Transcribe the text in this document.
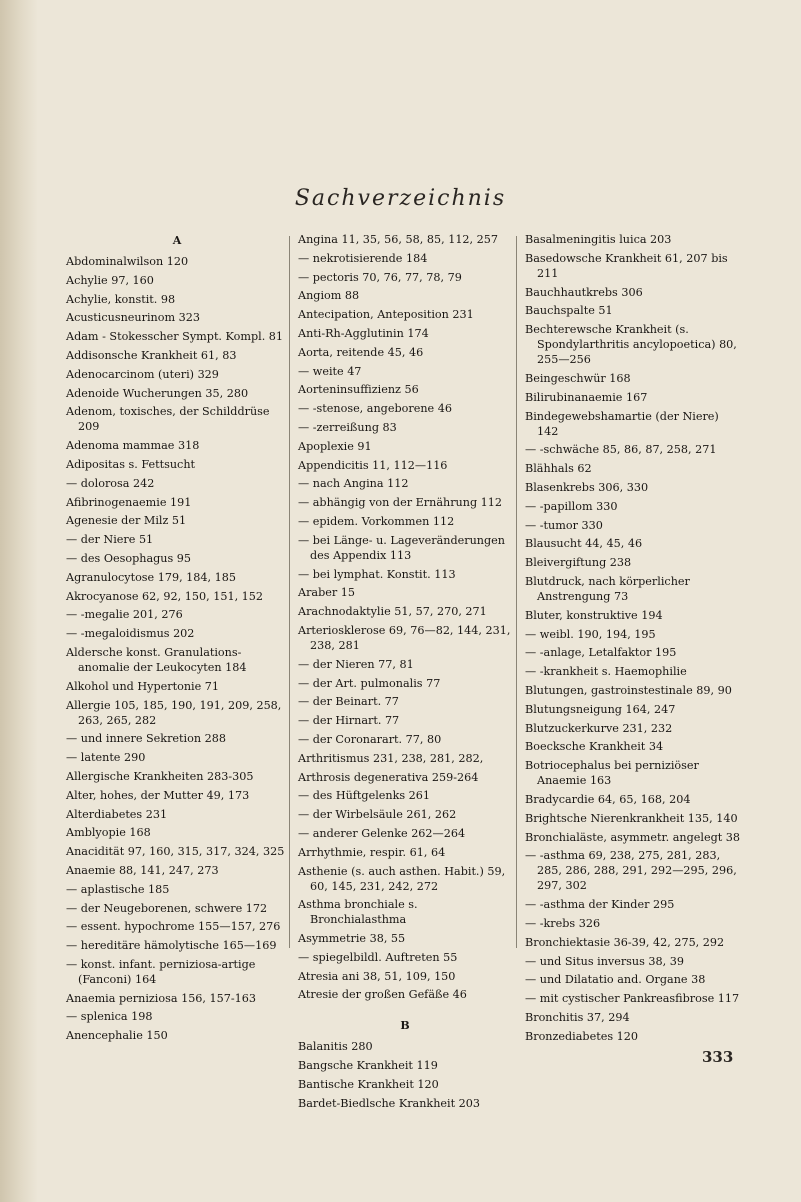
Sachverzeichnis
A
Abdominalwilson 120
Achylie 97, 160
Achylie, konstit. 98
Acusticusneurinom 323
Adam - Stokesscher Sympt. Kompl. 81
Addisonsche Krankheit 61, 83
Adenocarcinom (uteri) 329
Adenoide Wucherungen 35, 280
Adenom, toxisches, der Schilddrüse 209
Adenoma mammae 318
Adipositas s. Fettsucht
— dolorosa 242
Afibrinogenaemie 191
Agenesie der Milz 51
— der Niere 51
— des Oesophagus 95
Agranulocytose 179, 184, 185
Akrocyanose 62, 92, 150, 151, 152
— -megalie 201, 276
— -megaloidismus 202
Aldersche konst. Granulations-anomalie der Leukocyten 184
Alkohol und Hypertonie 71
Allergie 105, 185, 190, 191, 209, 258, 263, 265, 282
— und innere Sekretion 288
— latente 290
Allergische Krankheiten 283-305
Alter, hohes, der Mutter 49, 173
Alterdiabetes 231
Amblyopie 168
Anacidität 97, 160, 315, 317, 324, 325
Anaemie 88, 141, 247, 273
— aplastische 185
— der Neugeborenen, schwere 172
— essent. hypochrome 155—157, 276
— hereditäre hämolytische 165—169
— konst. infant. perniziosa-artige (Fanconi) 164
Anaemia perniziosa 156, 157-163
— splenica 198
Anencephalie 150
Angina 11, 35, 56, 58, 85, 112, 257
— nekrotisierende 184
— pectoris 70, 76, 77, 78, 79
Angiom 88
Antecipation, Anteposition 231
Anti-Rh-Agglutinin 174
Aorta, reitende 45, 46
— weite 47
Aorteninsuffizienz 56
— -stenose, angeborene 46
— -zerreißung 83
Apoplexie 91
Appendicitis 11, 112—116
— nach Angina 112
— abhängig von der Ernährung 112
— epidem. Vorkommen 112
— bei Länge- u. Lageveränderungen des Appendix 113
— bei lymphat. Konstit. 113
Araber 15
Arachnodaktylie 51, 57, 270, 271
Arteriosklerose 69, 76—82, 144, 231, 238, 281
— der Nieren 77, 81
— der Art. pulmonalis 77
— der Beinart. 77
— der Hirnart. 77
— der Coronarart. 77, 80
Arthritismus 231, 238, 281, 282,
Arthrosis degenerativa 259-264
— des Hüftgelenks 261
— der Wirbelsäule 261, 262
— anderer Gelenke 262—264
Arrhythmie, respir. 61, 64
Asthenie (s. auch asthen. Habit.) 59, 60, 145, 231, 242, 272
Asthma bronchiale s. Bronchialasthma
Asymmetrie 38, 55
— spiegelbildl. Auftreten 55
Atresia ani 38, 51, 109, 150
Atresie der großen Gefäße 46
B
Balanitis 280
Bangsche Krankheit 119
Bantische Krankheit 120
Bardet-Biedlsche Krankheit 203
Basalmeningitis luica 203
Basedowsche Krankheit 61, 207 bis 211
Bauchhautkrebs 306
Bauchspalte 51
Bechterewsche Krankheit (s. Spondylarthritis ancylopoetica) 80, 255—256
Beingeschwür 168
Bilirubinanaemie 167
Bindegewebshamartie (der Niere) 142
— -schwäche 85, 86, 87, 258, 271
Blähhals 62
Blasenkrebs 306, 330
— -papillom 330
— -tumor 330
Blausucht 44, 45, 46
Bleivergiftung 238
Blutdruck, nach körperlicher Anstrengung 73
Bluter, konstruktive 194
— weibl. 190, 194, 195
— -anlage, Letalfaktor 195
— -krankheit s. Haemophilie
Blutungen, gastroinstestinale 89, 90
Blutungsneigung 164, 247
Blutzuckerkurve 231, 232
Boecksche Krankheit 34
Botriocephalus bei perniziöser Anaemie 163
Bradycardie 64, 65, 168, 204
Brightsche Nierenkrankheit 135, 140
Bronchialäste, asymmetr. angelegt 38
— -asthma 69, 238, 275, 281, 283, 285, 286, 288, 291, 292—295, 296, 297, 302
— -asthma der Kinder 295
— -krebs 326
Bronchiektasie 36-39, 42, 275, 292
— und Situs inversus 38, 39
— und Dilatatio and. Organe 38
— mit cystischer Pankreasfibrose 117
Bronchitis 37, 294
Bronzediabetes 120
333
